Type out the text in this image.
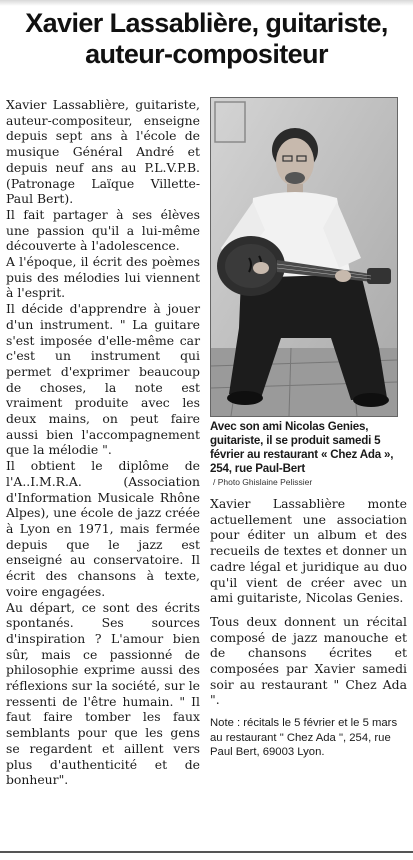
Xavier Lassablière, guitariste,
auteur-compositeur

Xavier Lassablière, guitariste, auteur-compositeur, enseigne depuis sept ans à l'école de musique Général André et depuis neuf ans au P.L.V.P.B. (Patronage Laïque Villette-Paul Bert).

Il fait partager à ses élèves une passion qu'il a lui-même découverte à l'adolescence.

A l'époque, il écrit des poèmes puis des mélodies lui viennent à l'esprit.

Il décide d'apprendre à jouer d'un instrument. " La guitare s'est imposée d'elle-même car c'est un instrument qui permet d'exprimer beaucoup de choses, la note est vraiment produite avec les deux mains, on peut faire aussi bien l'accompagnement que la mélodie ".

Il obtient le diplôme de l'A..I.M.R.A. (Association d'Information Musicale Rhône Alpes), une école de jazz créée à Lyon en 1971, mais fermée depuis que le jazz est enseigné au conservatoire. Il écrit des chansons à texte, voire engagées.

Au départ, ce sont des écrits spontanés. Ses sources d'inspiration ? L'amour bien sûr, mais ce passionné de philosophie exprime aussi des réflexions sur la société, sur le ressenti de l'être humain. " Il faut faire tomber les faux semblants pour que les gens se regardent et aillent vers plus d'authenticité et de bonheur".

Avec son ami Nicolas Genies, guitariste, il se produit samedi 5 février au restaurant « Chez Ada », 254, rue Paul-Bert
/ Photo Ghislaine Pelissier

Xavier Lassablière monte actuellement une association pour éditer un album et des recueils de textes et donner un cadre légal et juridique au duo qu'il vient de créer avec un ami guitariste, Nicolas Genies.

Tous deux donnent un récital composé de jazz manouche et de chansons écrites et composées par Xavier samedi soir au restaurant " Chez Ada ".

Note : récitals le 5 février et le 5 mars au restaurant " Chez Ada ", 254, rue Paul Bert, 69003 Lyon.
